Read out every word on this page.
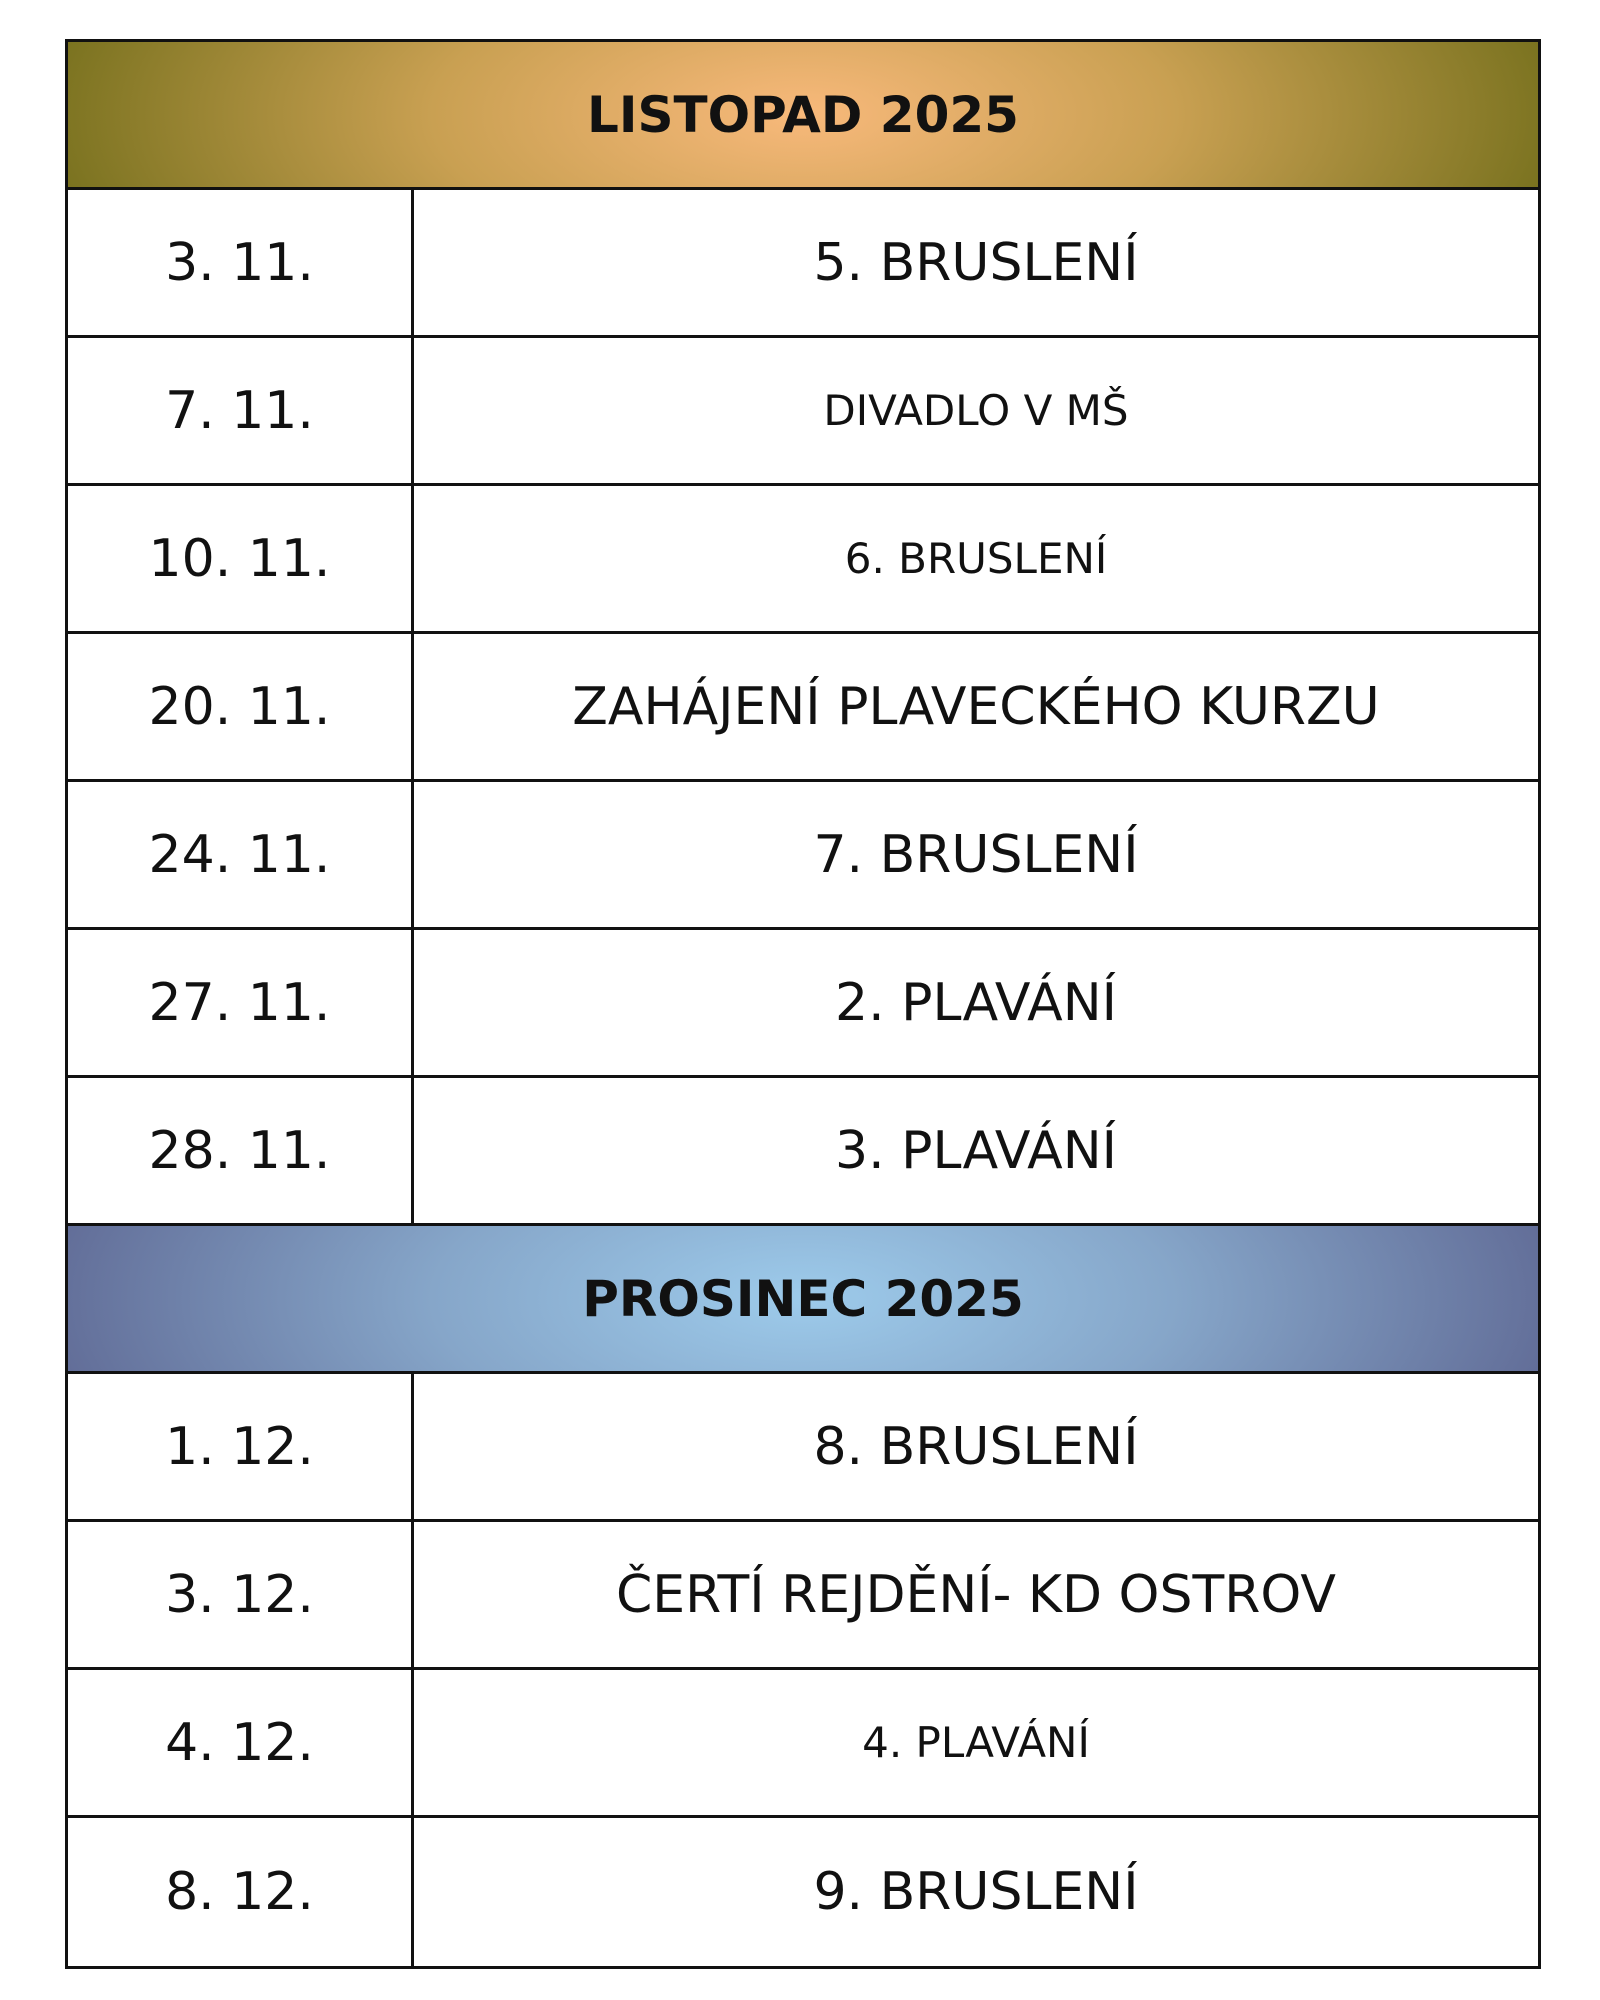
LISTOPAD 2025
3. 11.	5. BRUSLENÍ
7. 11.	DIVADLO V MŠ
10. 11.	6. BRUSLENÍ
20. 11.	ZAHÁJENÍ PLAVECKÉHO KURZU
24. 11.	7. BRUSLENÍ
27. 11.	2. PLAVÁNÍ
28. 11.	3. PLAVÁNÍ
PROSINEC 2025
1. 12.	8. BRUSLENÍ
3. 12.	ČERTÍ REJDĚNÍ- KD OSTROV
4. 12.	4. PLAVÁNÍ
8. 12.	9. BRUSLENÍ
